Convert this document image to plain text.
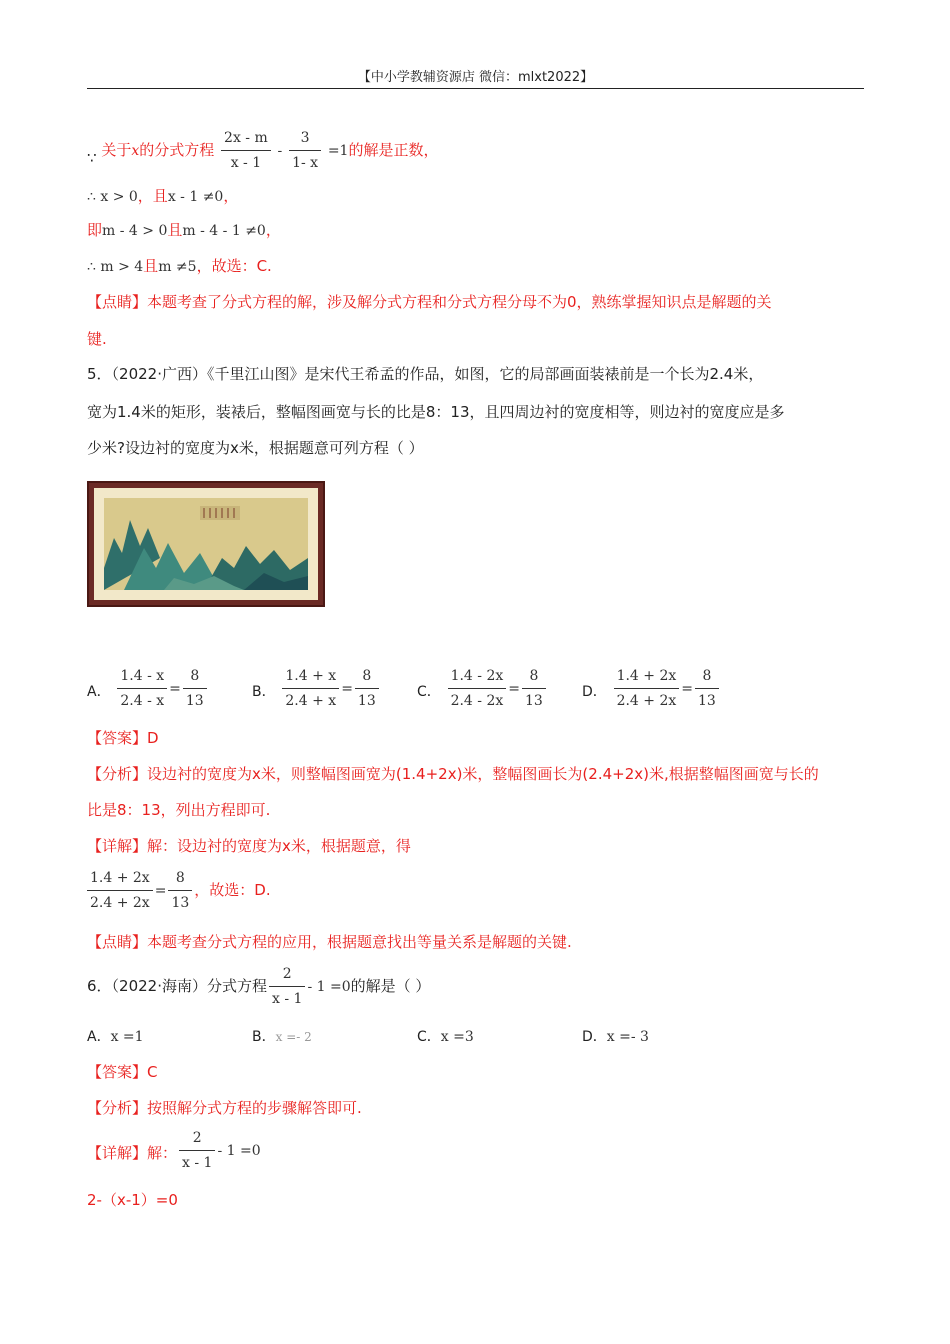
【中小学教辅资源店 微信：mlxt2022】
∵ 关于x的分式方程 $\frac{2x - m}{x - 1} - \frac{3}{1- x} =1$的解是正数，
∴ x > 0，且x - 1 ≠0，
即m - 4 > 0且m - 4 - 1 ≠0，
∴ m > 4且m ≠5，故选：C.
【点睛】本题考查了分式方程的解，涉及解分式方程和分式方程分母不为0，熟练掌握知识点是解题的关
键.
5．（2022·广西）《千里江山图》是宋代王希孟的作品，如图，它的局部画面装裱前是一个长为2.4米，
宽为1.4米的矩形，装裱后，整幅图画宽与长的比是8：13，且四周边衬的宽度相等，则边衬的宽度应是多
少米?设边衬的宽度为x米，根据题意可列方程（ ）
A． $\frac{1.4 - x}{2.4 - x} = \frac{8}{13}$	B． $\frac{1.4 + x}{2.4 + x} = \frac{8}{13}$	C． $\frac{1.4 - 2x}{2.4 - 2x} = \frac{8}{13}$	D． $\frac{1.4 + 2x}{2.4 + 2x} = \frac{8}{13}$
【答案】D
【分析】设边衬的宽度为x米，则整幅图画宽为(1.4+2x)米，整幅图画长为(2.4+2x)米,根据整幅图画宽与长的
比是8：13，列出方程即可.
【详解】解：设边衬的宽度为x米，根据题意，得
$\frac{1.4 + 2x}{2.4 + 2x} = \frac{8}{13}$ ，故选：D.
【点睛】本题考查分式方程的应用，根据题意找出等量关系是解题的关键.
6．（2022·海南）分式方程 $\frac{2}{x - 1} - 1 =0$的解是（ ）
A．x =1	B．x =- 2	C．x =3	D．x =- 3
【答案】C
【分析】按照解分式方程的步骤解答即可.
【详解】解： $\frac{2}{x - 1} - 1 =0$
2-（x-1）=0
